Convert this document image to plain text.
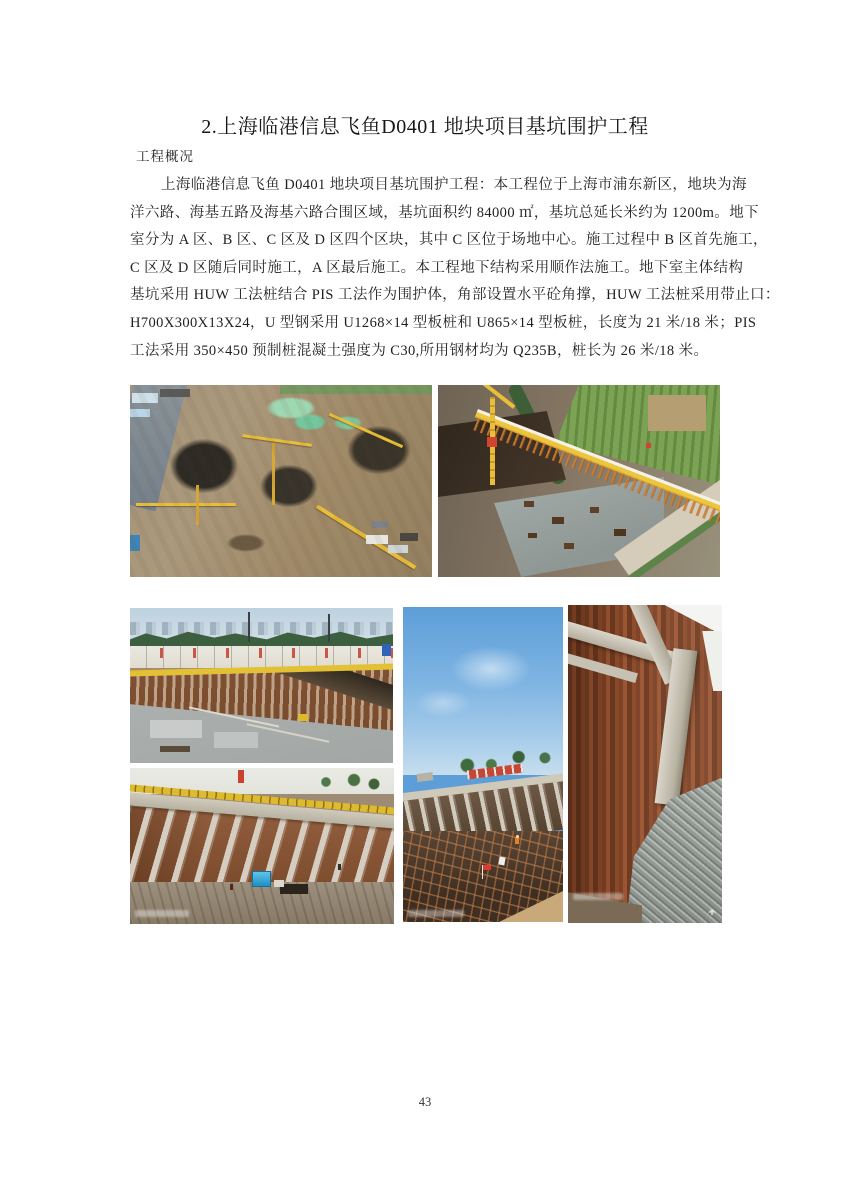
2.上海临港信息飞鱼D0401 地块项目基坑围护工程
工程概况
上海临港信息飞鱼 D0401 地块项目基坑围护工程：本工程位于上海市浦东新区，地块为海
洋六路、海基五路及海基六路合围区域，基坑面积约 84000 ㎡，基坑总延长米约为 1200m。地下
室分为 A 区、B 区、C 区及 D 区四个区块，其中 C 区位于场地中心。施工过程中 B 区首先施工，
C 区及 D 区随后同时施工，A 区最后施工。本工程地下结构采用顺作法施工。地下室主体结构
基坑采用 HUW 工法桩结合 PIS 工法作为围护体，角部设置水平砼角撑，HUW 工法桩采用带止口：
H700X300X13X24，U 型钢采用 U1268×14 型板桩和 U865×14 型板桩，长度为 21 米/18 米；PIS
工法采用 350×450 预制桩混凝土强度为 C30,所用钢材均为 Q235B，桩长为 26 米/18 米。
43
